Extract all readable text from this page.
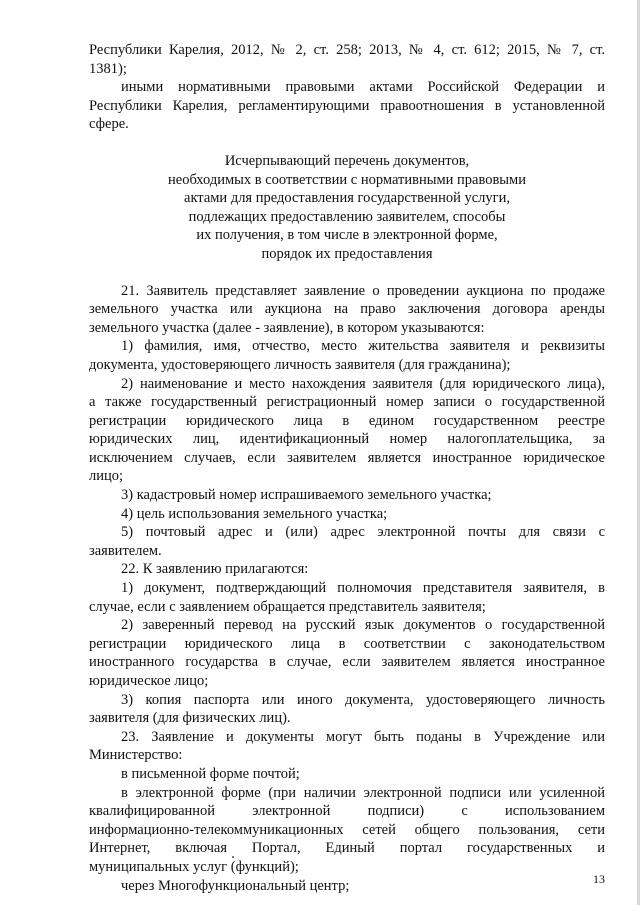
Республики Карелия, 2012, № 2, ст. 258; 2013, № 4, ст. 612; 2015, № 7, ст.

1381);

иными нормативными правовыми актами Российской Федерации и

Республики Карелия, регламентирующими правоотношения в установленной

сфере.

Исчерпывающий перечень документов,

необходимых в соответствии с нормативными правовыми

актами для предоставления государственной услуги,

подлежащих предоставлению заявителем, способы

их получения, в том числе в электронной форме,

порядок их предоставления

21. Заявитель представляет заявление о проведении аукциона по продаже

земельного участка или аукциона на право заключения договора аренды

земельного участка (далее - заявление), в котором указываются:

1) фамилия, имя, отчество, место жительства заявителя и реквизиты

документа, удостоверяющего личность заявителя (для гражданина);

2) наименование и место нахождения заявителя (для юридического лица),

а также государственный регистрационный номер записи о государственной

регистрации юридического лица в едином государственном реестре

юридических лиц, идентификационный номер налогоплательщика, за

исключением случаев, если заявителем является иностранное юридическое

лицо;

3) кадастровый номер испрашиваемого земельного участка;

4) цель использования земельного участка;

5) почтовый адрес и (или) адрес электронной почты для связи с

заявителем.

22. К заявлению прилагаются:

1) документ, подтверждающий полномочия представителя заявителя, в

случае, если с заявлением обращается представитель заявителя;

2) заверенный перевод на русский язык документов о государственной

регистрации юридического лица в соответствии с законодательством

иностранного государства в случае, если заявителем является иностранное

юридическое лицо;

3) копия паспорта или иного документа, удостоверяющего личность

заявителя (для физических лиц).

23. Заявление и документы могут быть поданы в Учреждение или

Министерство:

в письменной форме почтой;

в электронной форме (при наличии электронной подписи или усиленной

квалифицированной электронной подписи) с использованием

информационно-телекоммуникационных сетей общего пользования, сети

Интернет, включая Портал, Единый портал государственных и

муниципальных услуг (функций);

через Многофункциональный центр;	13
